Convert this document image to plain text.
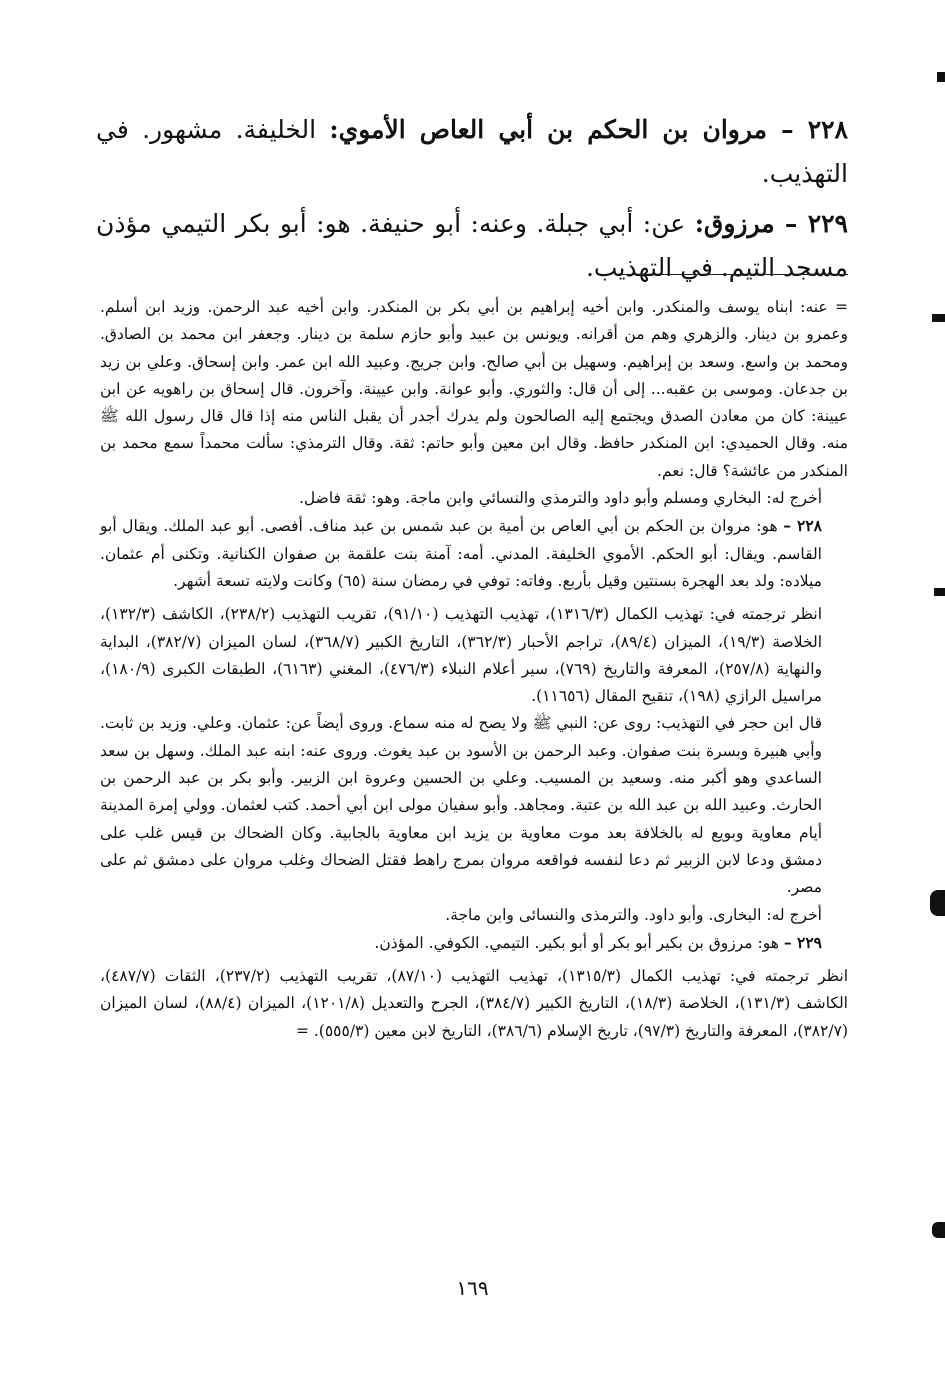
٢٢٨ – مروان بن الحكم بن أبي العاص الأموي: الخليفة. مشهور. في التهذيب.

٢٢٩ – مرزوق: عن: أبي جبلة. وعنه: أبو حنيفة. هو: أبو بكر التيمي مؤذن مسجد التيم. في التهذيب.

= عنه: ابناه يوسف والمنكدر. وابن أخيه إبراهيم بن أبي بكر بن المنكدر. وابن أخيه عبد الرحمن. وزيد ابن أسلم. وعمرو بن دينار. والزهري وهم من أقرانه. ويونس بن عبيد وأبو حازم سلمة بن دينار. وجعفر ابن محمد بن الصادق. ومحمد بن واسع. وسعد بن إبراهيم. وسهيل بن أبي صالح. وابن جريج. وعبيد الله ابن عمر. وابن إسحاق. وعلي بن زيد بن جدعان. وموسى بن عقبه... إلى أن قال: والثوري. وأبو عوانة. وابن عيينة. وآخرون. قال إسحاق بن راهويه عن ابن عيينة: كان من معادن الصدق ويجتمع إليه الصالحون ولم يدرك أجدر أن يقبل الناس منه إذا قال قال رسول الله ﷺ منه. وقال الحميدي: ابن المنكدر حافظ. وقال ابن معين وأبو حاتم: ثقة. وقال الترمذي: سألت محمداً سمع محمد بن المنكدر من عائشة؟ قال: نعم.

أخرج له: البخاري ومسلم وأبو داود والترمذي والنسائي وابن ماجة. وهو: ثقة فاضل.

٢٢٨ – هو: مروان بن الحكم بن أبي العاص بن أمية بن عبد شمس بن عبد مناف. أفصى. أبو عبد الملك. ويقال أبو القاسم. ويقال: أبو الحكم. الأموي الخليفة. المدني. أمه: آمنة بنت علقمة بن صفوان الكنانية. وتكنى أم عثمان. ميلاده: ولد بعد الهجرة بسنتين وقيل بأربع. وفاته: توفي في رمضان سنة (٦٥) وكانت ولايته تسعة أشهر.

انظر ترجمته في: تهذيب الكمال (١٣١٦/٣)، تهذيب التهذيب (٩١/١٠)، تقريب التهذيب (٢٣٨/٢)، الكاشف (١٣٢/٣)، الخلاصة (١٩/٣)، الميزان (٨٩/٤)، تراجم الأحبار (٣٦٢/٣)، التاريخ الكبير (٣٦٨/٧)، لسان الميزان (٣٨٢/٧)، البداية والنهاية (٢٥٧/٨)، المعرفة والتاريخ (٧٦٩)، سير أعلام النبلاء (٤٧٦/٣)، المغني (٦١٦٣)، الطبقات الكبرى (١٨٠/٩)، مراسيل الرازي (١٩٨)، تنقيح المقال (١١٦٥٦).

قال ابن حجر في التهذيب: روى عن: النبي ﷺ ولا يصح له منه سماع. وروى أيضاً عن: عثمان. وعلي. وزيد بن ثابت. وأبي هبيرة وبسرة بنت صفوان. وعبد الرحمن بن الأسود بن عبد يغوث. وروى عنه: ابنه عبد الملك. وسهل بن سعد الساعدي وهو أكبر منه. وسعيد بن المسيب. وعلي بن الحسين وعروة ابن الزبير. وأبو بكر بن عبد الرحمن بن الحارث. وعبيد الله بن عبد الله بن عتبة. ومجاهد. وأبو سفيان مولى ابن أبي أحمد. كتب لعثمان. وولي إمرة المدينة أيام معاوية وبويع له بالخلافة بعد موت معاوية بن يزيد ابن معاوية بالجابية. وكان الضحاك بن قيس غلب على دمشق ودعا لابن الزبير ثم دعا لنفسه فواقعه مروان بمرج راهط فقتل الضحاك وغلب مروان على دمشق ثم على مصر.

أخرج له: البخارى. وأبو داود. والترمذى والنسائى وابن ماجة.

٢٢٩ – هو: مرزوق بن بكير أبو بكر أو أبو بكير. التيمي. الكوفي. المؤذن.

انظر ترجمته في: تهذيب الكمال (١٣١٥/٣)، تهذيب التهذيب (٨٧/١٠)، تقريب التهذيب (٢٣٧/٢)، الثقات (٤٨٧/٧)، الكاشف (١٣١/٣)، الخلاصة (١٨/٣)، التاريخ الكبير (٣٨٤/٧)، الجرح والتعديل (١٢٠١/٨)، الميزان (٨٨/٤)، لسان الميزان (٣٨٢/٧)، المعرفة والتاريخ (٩٧/٣)، تاريخ الإسلام (٣٨٦/٦)، التاريخ لابن معين (٥٥٥/٣). =

١٦٩
